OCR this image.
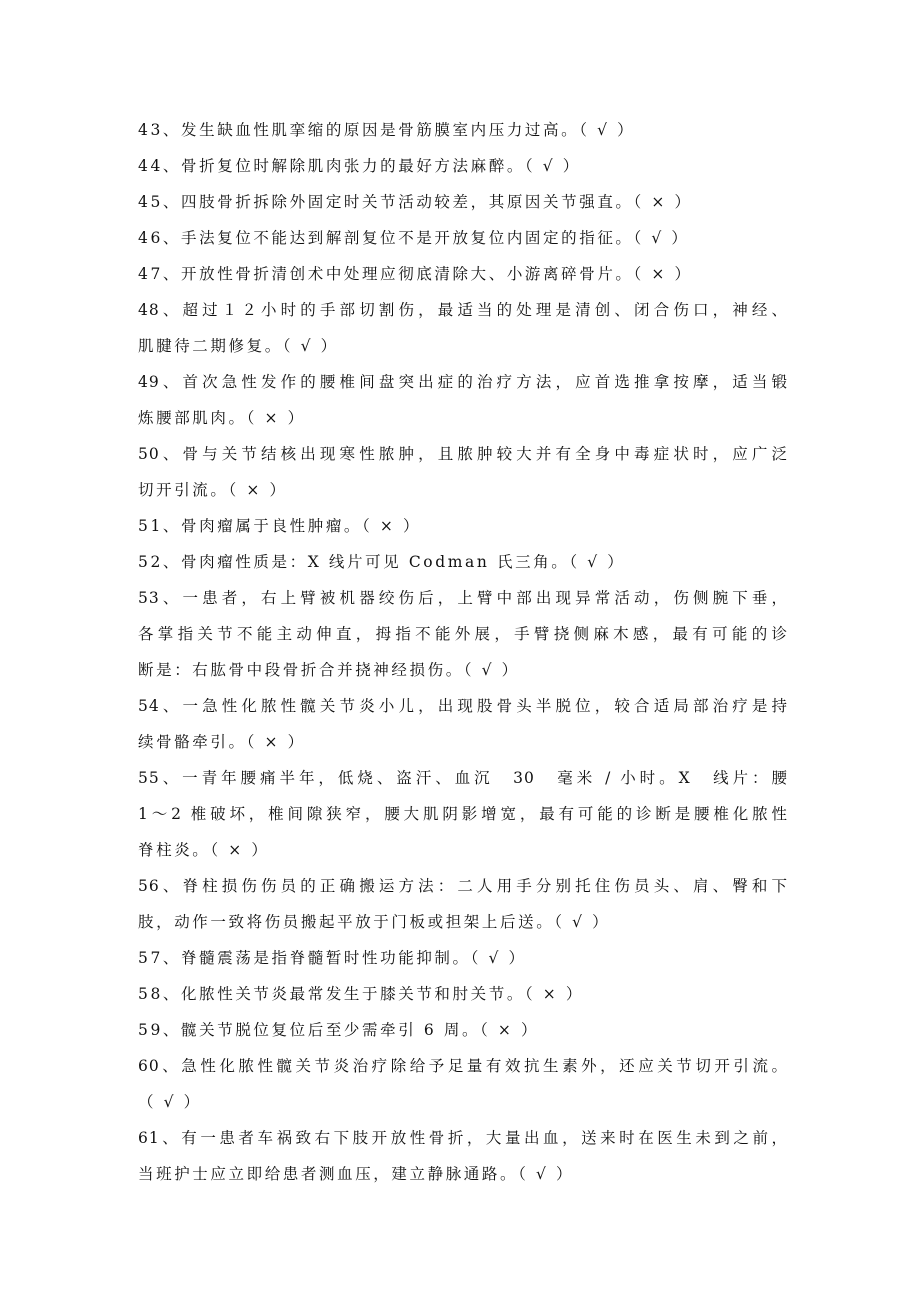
43、发生缺血性肌挛缩的原因是骨筋膜室内压力过高。（ √ ）
44、骨折复位时解除肌肉张力的最好方法麻醉。（ √ ）
45、四肢骨折拆除外固定时关节活动较差，其原因关节强直。（ × ）
46、手法复位不能达到解剖复位不是开放复位内固定的指征。（ √ ）
47、开放性骨折清创术中处理应彻底清除大、小游离碎骨片。（ × ）
48、超过１２小时的手部切割伤，最适当的处理是清创、闭合伤口，神经、
肌腱待二期修复。（ √ ）
49、首次急性发作的腰椎间盘突出症的治疗方法，应首选推拿按摩，适当锻
炼腰部肌肉。（ × ）
50、骨与关节结核出现寒性脓肿，且脓肿较大并有全身中毒症状时，应广泛
切开引流。（ × ）
51、骨肉瘤属于良性肿瘤。（ × ）
52、骨肉瘤性质是：X 线片可见 Codman 氏三角。（ √ ）
53、一患者，右上臂被机器绞伤后，上臂中部出现异常活动，伤侧腕下垂，
各掌指关节不能主动伸直，拇指不能外展，手臂挠侧麻木感，最有可能的诊
断是：右肱骨中段骨折合并挠神经损伤。（ √ ）
54、一急性化脓性髋关节炎小儿，出现股骨头半脱位，较合适局部治疗是持
续骨骼牵引。（ × ）
55、一青年腰痛半年，低烧、盗汗、血沉　30　毫米 / 小时。X　线片：腰
1～2 椎破坏，椎间隙狭窄，腰大肌阴影增宽，最有可能的诊断是腰椎化脓性
脊柱炎。（ × ）
56、脊柱损伤伤员的正确搬运方法：二人用手分别托住伤员头、肩、臀和下
肢，动作一致将伤员搬起平放于门板或担架上后送。（ √ ）
57、脊髓震荡是指脊髓暂时性功能抑制。（ √ ）
58、化脓性关节炎最常发生于膝关节和肘关节。（ × ）
59、髋关节脱位复位后至少需牵引 6 周。（ × ）
60、急性化脓性髋关节炎治疗除给予足量有效抗生素外，还应关节切开引流。
（ √ ）
61、有一患者车祸致右下肢开放性骨折，大量出血，送来时在医生未到之前，
当班护士应立即给患者测血压，建立静脉通路。（ √ ）
